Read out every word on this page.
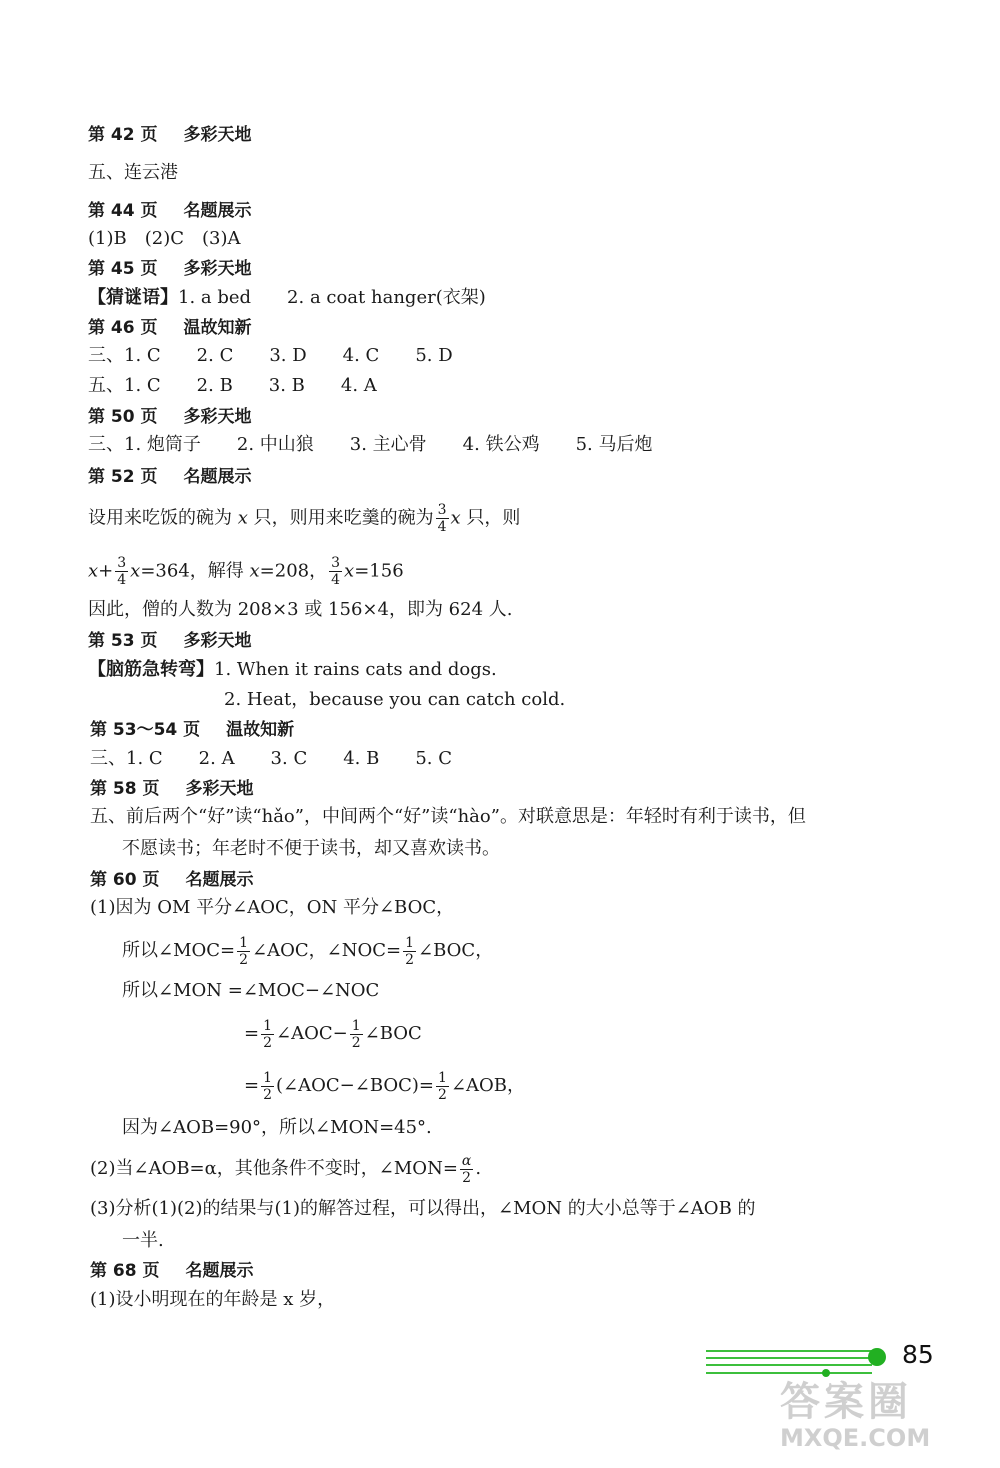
第 42 页 多彩天地
五、连云港
第 44 页 名题展示
(1)B　(2)C　(3)A
第 45 页 多彩天地
【猜谜语】1. a bed　　2. a coat hanger(衣架)
第 46 页 温故知新
三、1. C　　2. C　　3. D　　4. C　　5. D
五、1. C　　2. B　　3. B　　4. A
第 50 页 多彩天地
三、1. 炮筒子　　2. 中山狼　　3. 主心骨　　4. 铁公鸡　　5. 马后炮
第 52 页 名题展示
设用来吃饭的碗为 x 只，则用来吃羹的碗为 $\frac{3}{4}$ x 只，则
$x+ \frac{3}{4} x=364$，解得 x=208， $\frac{3}{4} x=156$
因此，僧的人数为 208×3 或 156×4，即为 624 人.
第 53 页 多彩天地
【脑筋急转弯】1. When it rains cats and dogs.
2. Heat，because you can catch cold.
第 53～54 页 温故知新
三、1. C　　2. A　　3. C　　4. B　　5. C
第 58 页 多彩天地
五、前后两个“好”读“hǎo”，中间两个“好”读“hào”。对联意思是：年轻时有利于读书，但
不愿读书；年老时不便于读书，却又喜欢读书。
第 60 页 名题展示
(1)因为 OM 平分∠AOC，ON 平分∠BOC，
所以∠MOC= $\frac{1}{2}$ ∠AOC，∠NOC= $\frac{1}{2}$ ∠BOC，
所以∠MON =∠MOC−∠NOC
= $\frac{1}{2}$ ∠AOC− $\frac{1}{2}$ ∠BOC
= $\frac{1}{2}$ (∠AOC−∠BOC)= $\frac{1}{2}$ ∠AOB，
因为∠AOB=90°，所以∠MON=45°.
(2)当∠AOB=α，其他条件不变时，∠MON= $\frac{\alpha}{2}$ .
(3)分析(1)(2)的结果与(1)的解答过程，可以得出，∠MON 的大小总等于∠AOB 的
一半.
第 68 页 名题展示
(1)设小明现在的年龄是 x 岁，
85
答案圈
MXQE.COM
